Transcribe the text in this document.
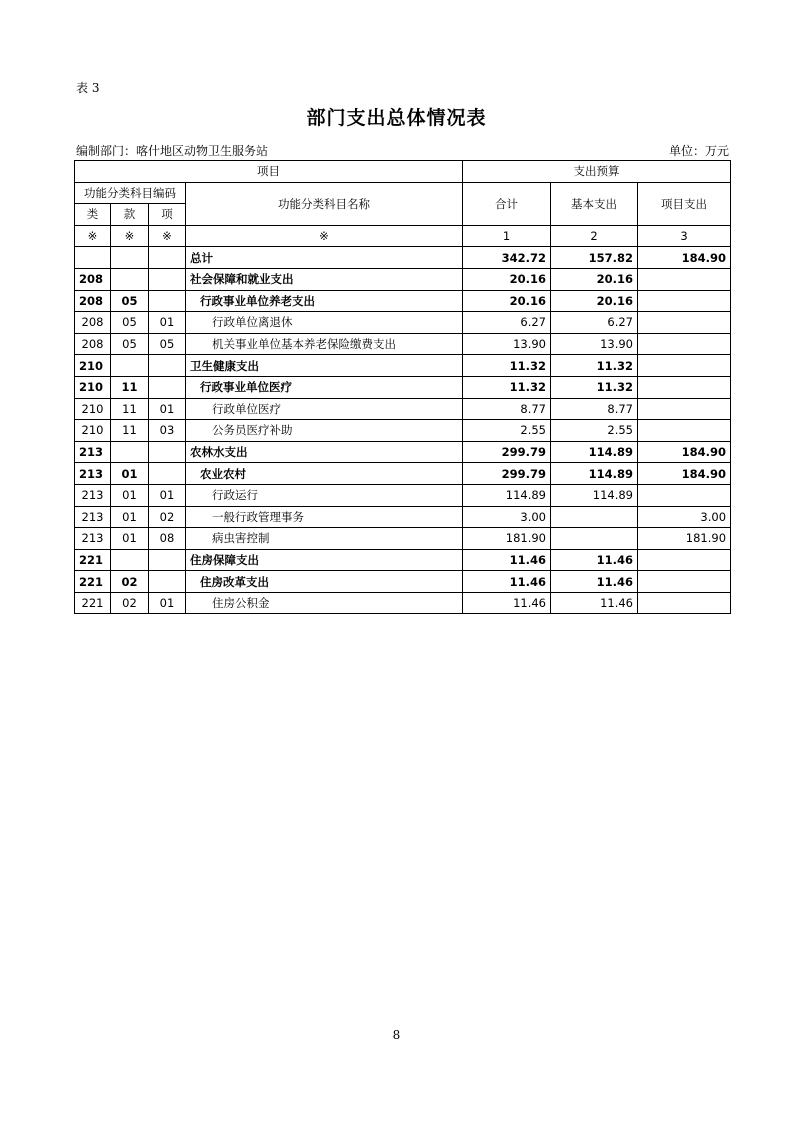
表 3
部门支出总体情况表
编制部门：喀什地区动物卫生服务站	单位：万元
项目				支出预算		
功能分类科目编码			功能分类科目名称	合计	基本支出	项目支出
类	款	项				
※	※	※	※	1	2	3
			总计	342.72	157.82	184.90
208			社会保障和就业支出	20.16	20.16	
208	05		行政事业单位养老支出	20.16	20.16	
208	05	01	行政单位离退休	6.27	6.27	
208	05	05	机关事业单位基本养老保险缴费支出	13.90	13.90	
210			卫生健康支出	11.32	11.32	
210	11		行政事业单位医疗	11.32	11.32	
210	11	01	行政单位医疗	8.77	8.77	
210	11	03	公务员医疗补助	2.55	2.55	
213			农林水支出	299.79	114.89	184.90
213	01		农业农村	299.79	114.89	184.90
213	01	01	行政运行	114.89	114.89	
213	01	02	一般行政管理事务	3.00		3.00
213	01	08	病虫害控制	181.90		181.90
221			住房保障支出	11.46	11.46	
221	02		住房改革支出	11.46	11.46	
221	02	01	住房公积金	11.46	11.46	
8
